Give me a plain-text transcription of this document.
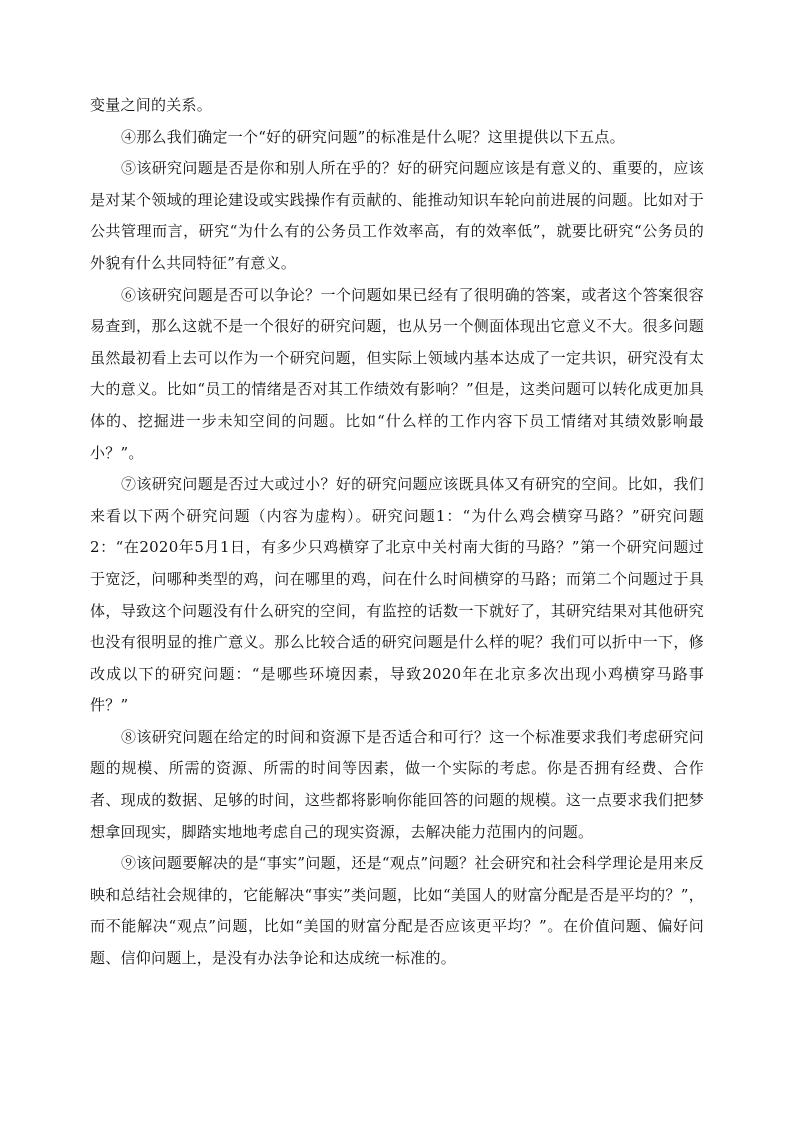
变量之间的关系。

④那么我们确定一个“好的研究问题”的标准是什么呢？这里提供以下五点。

⑤该研究问题是否是你和别人所在乎的？好的研究问题应该是有意义的、重要的，应该是对某个领域的理论建设或实践操作有贡献的、能推动知识车轮向前进展的问题。比如对于公共管理而言，研究“为什么有的公务员工作效率高，有的效率低”，就要比研究“公务员的外貌有什么共同特征”有意义。

⑥该研究问题是否可以争论？一个问题如果已经有了很明确的答案，或者这个答案很容易查到，那么这就不是一个很好的研究问题，也从另一个侧面体现出它意义不大。很多问题虽然最初看上去可以作为一个研究问题，但实际上领域内基本达成了一定共识，研究没有太大的意义。比如“员工的情绪是否对其工作绩效有影响？”但是，这类问题可以转化成更加具体的、挖掘进一步未知空间的问题。比如“什么样的工作内容下员工情绪对其绩效影响最小？”。

⑦该研究问题是否过大或过小？好的研究问题应该既具体又有研究的空间。比如，我们来看以下两个研究问题（内容为虚构）。研究问题1：“为什么鸡会横穿马路？”研究问题2：“在2020年5月1日，有多少只鸡横穿了北京中关村南大街的马路？”第一个研究问题过于宽泛，问哪种类型的鸡，问在哪里的鸡，问在什么时间横穿的马路；而第二个问题过于具体，导致这个问题没有什么研究的空间，有监控的话数一下就好了，其研究结果对其他研究也没有很明显的推广意义。那么比较合适的研究问题是什么样的呢？我们可以折中一下，修改成以下的研究问题：“是哪些环境因素，导致2020年在北京多次出现小鸡横穿马路事件？”

⑧该研究问题在给定的时间和资源下是否适合和可行？这一个标准要求我们考虑研究问题的规模、所需的资源、所需的时间等因素，做一个实际的考虑。你是否拥有经费、合作者、现成的数据、足够的时间，这些都将影响你能回答的问题的规模。这一点要求我们把梦想拿回现实，脚踏实地地考虑自己的现实资源，去解决能力范围内的问题。

⑨该问题要解决的是“事实”问题，还是“观点”问题？社会研究和社会科学理论是用来反映和总结社会规律的，它能解决“事实”类问题，比如“美国人的财富分配是否是平均的？”，而不能解决“观点”问题，比如“美国的财富分配是否应该更平均？”。在价值问题、偏好问题、信仰问题上，是没有办法争论和达成统一标准的。
